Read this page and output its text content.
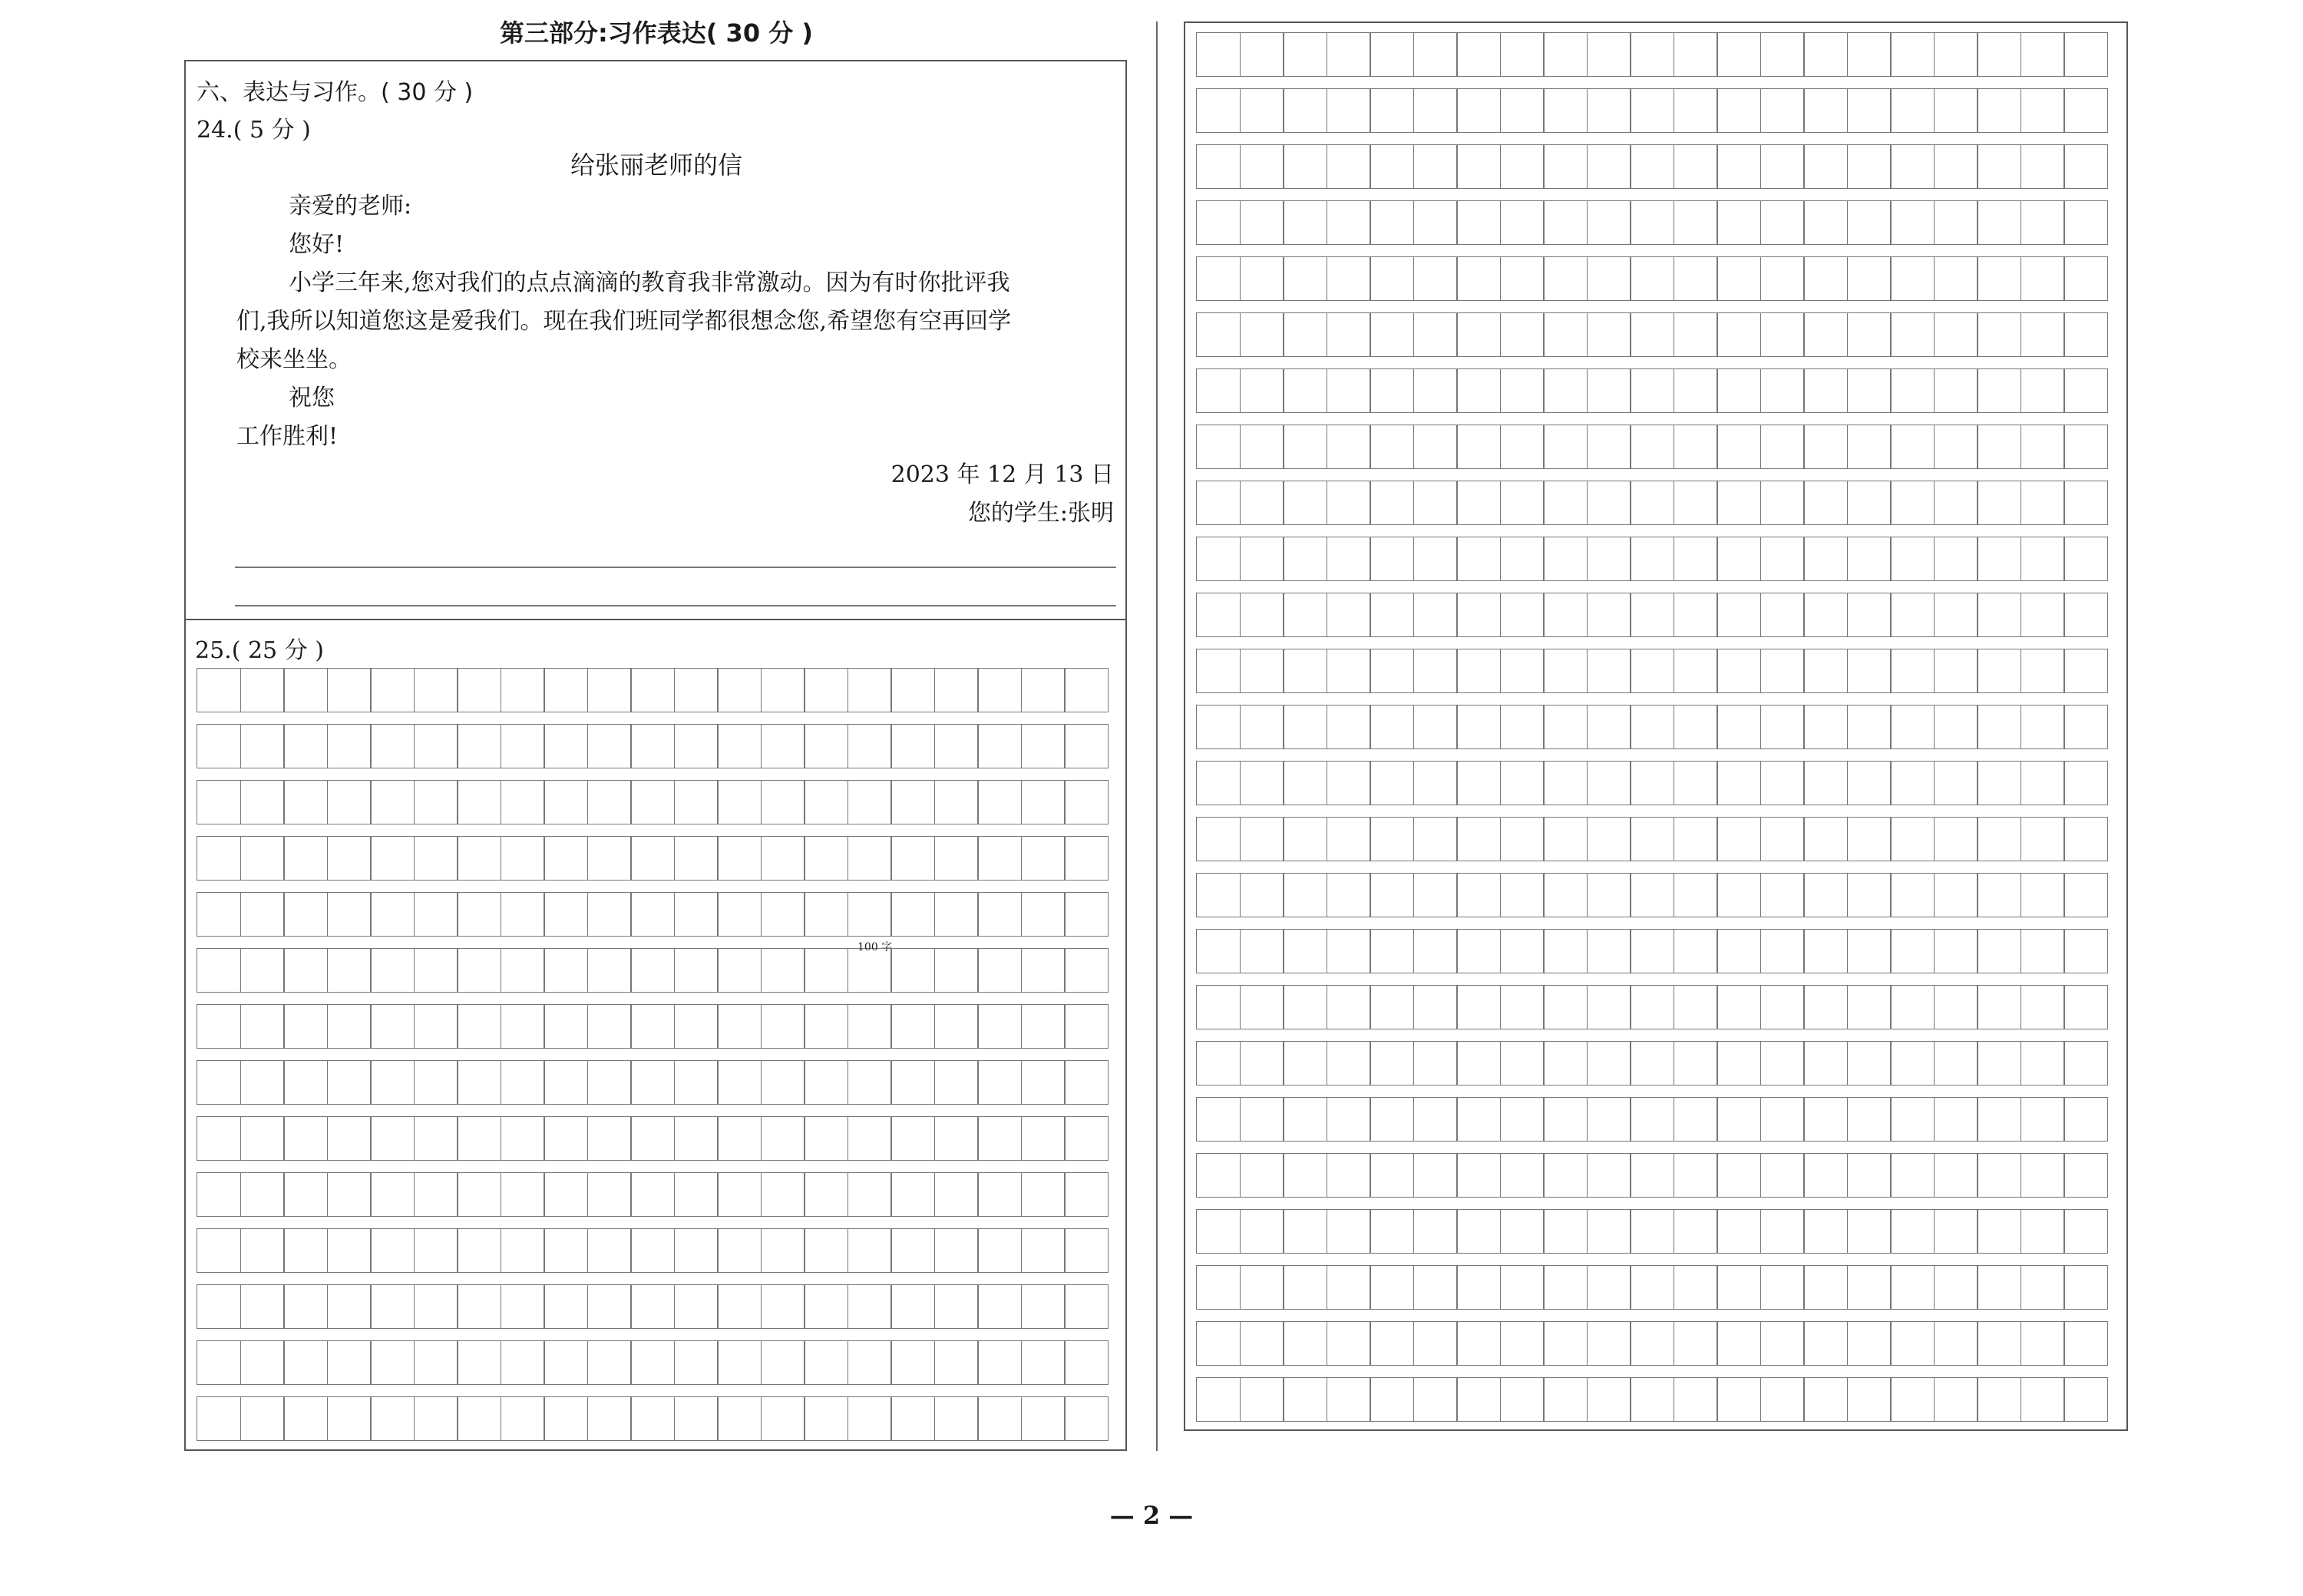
第三部分:习作表达( 30 分 )
六、表达与习作。( 30 分 )
24.( 5 分 )
给张丽老师的信
亲爱的老师:
您好!
小学三年来,您对我们的点点滴滴的教育我非常激动。因为有时你批评我
们,我所以知道您这是爱我们。现在我们班同学都很想念您,希望您有空再回学
校来坐坐。
祝您
工作胜利!
2023 年 12 月 13 日
您的学生:张明
25.( 25 分 )
100 字
— 2 —
